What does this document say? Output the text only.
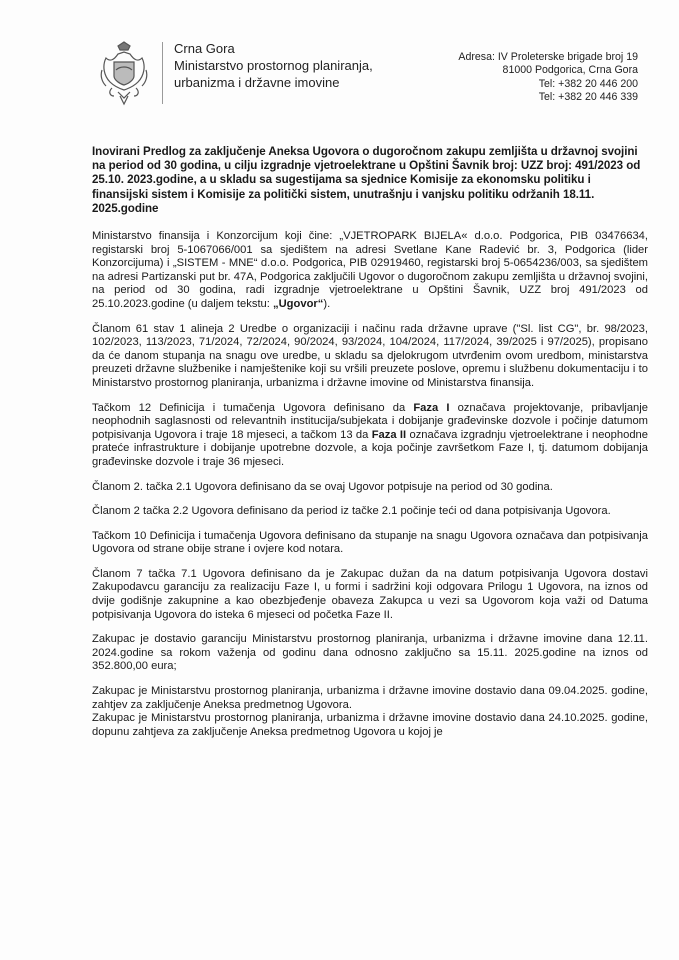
Crna Gora
Ministarstvo prostornog planiranja,
urbanizma i državne imovine
Adresa: IV Proleterske brigade broj 19
81000 Podgorica, Crna Gora
Tel: +382 20 446 200
Tel: +382 20 446 339
Inovirani Predlog za zaključenje Aneksa Ugovora o dugoročnom zakupu zemljišta u državnoj svojini na period od 30 godina, u cilju izgradnje vjetroelektrane u Opštini Šavnik broj: UZZ broj: 491/2023 od 25.10. 2023.godine, a u skladu sa sugestijama sa sjednice Komisije za ekonomsku politiku i finansijski sistem i Komisije za politički sistem, unutrašnju i vanjsku politiku održanih 18.11. 2025.godine

Ministarstvo finansija i Konzorcijum koji čine: „VJETROPARK BIJELA« d.o.o. Podgorica, PIB 03476634, registarski broj 5-1067066/001 sa sjedištem na adresi Svetlane Kane Radević br. 3, Podgorica (lider Konzorcijuma) i „SISTEM - MNE“ d.o.o. Podgorica, PIB 02919460, registarski broj 5-0654236/003, sa sjedištem na adresi Partizanski put br. 47A, Podgorica zaključili Ugovor o dugoročnom zakupu zemljišta u državnoj svojini, na period od 30 godina, radi izgradnje vjetroelektrane u Opštini Šavnik, UZZ broj 491/2023 od 25.10.2023.godine (u daljem tekstu: „Ugovor“).

Članom 61 stav 1 alineja 2 Uredbe o organizaciji i načinu rada državne uprave ("Sl. list CG", br. 98/2023, 102/2023, 113/2023, 71/2024, 72/2024, 90/2024, 93/2024, 104/2024, 117/2024, 39/2025 i 97/2025), propisano da će danom stupanja na snagu ove uredbe, u skladu sa djelokrugom utvrđenim ovom uredbom, ministarstva preuzeti državne službenike i namještenike koji su vršili preuzete poslove, opremu i službenu dokumentaciju i to Ministarstvo prostornog planiranja, urbanizma i državne imovine od Ministarstva finansija.

Tačkom 12 Definicija i tumačenja Ugovora definisano da Faza I označava projektovanje, pribavljanje neophodnih saglasnosti od relevantnih institucija/subjekata i dobijanje građevinske dozvole i počinje datumom potpisivanja Ugovora i traje 18 mjeseci, a tačkom 13 da Faza II označava izgradnju vjetroelektrane i neophodne prateće infrastrukture i dobijanje upotrebne dozvole, a koja počinje završetkom Faze I, tj. datumom dobijanja građevinske dozvole i traje 36 mjeseci.

Članom 2. tačka 2.1 Ugovora definisano da se ovaj Ugovor potpisuje na period od 30 godina.

Članom 2 tačka 2.2 Ugovora definisano da period iz tačke 2.1 počinje teći od dana potpisivanja Ugovora.

Tačkom 10 Definicija i tumačenja Ugovora definisano da stupanje na snagu Ugovora označava dan potpisivanja Ugovora od strane obije strane i ovjere kod notara.

Članom 7 tačka 7.1 Ugovora definisano da je Zakupac dužan da na datum potpisivanja Ugovora dostavi Zakupodavcu garanciju za realizaciju Faze I, u formi i sadržini koji odgovara Prilogu 1 Ugovora, na iznos od dvije godišnje zakupnine a kao obezbjeđenje obaveza Zakupca u vezi sa Ugovorom koja važi od Datuma potpisivanja Ugovora do isteka 6 mjeseci od početka Faze II.

Zakupac je dostavio garanciju Ministarstvu prostornog planiranja, urbanizma i državne imovine dana 12.11. 2024.godine sa rokom važenja od godinu dana odnosno zaključno sa 15.11. 2025.godine na iznos od 352.800,00 eura;

Zakupac je Ministarstvu prostornog planiranja, urbanizma i državne imovine dostavio dana 09.04.2025. godine, zahtjev za zaključenje Aneksa predmetnog Ugovora.

Zakupac je Ministarstvu prostornog planiranja, urbanizma i državne imovine dostavio dana 24.10.2025. godine, dopunu zahtjeva za zaključenje Aneksa predmetnog Ugovora u kojoj je
